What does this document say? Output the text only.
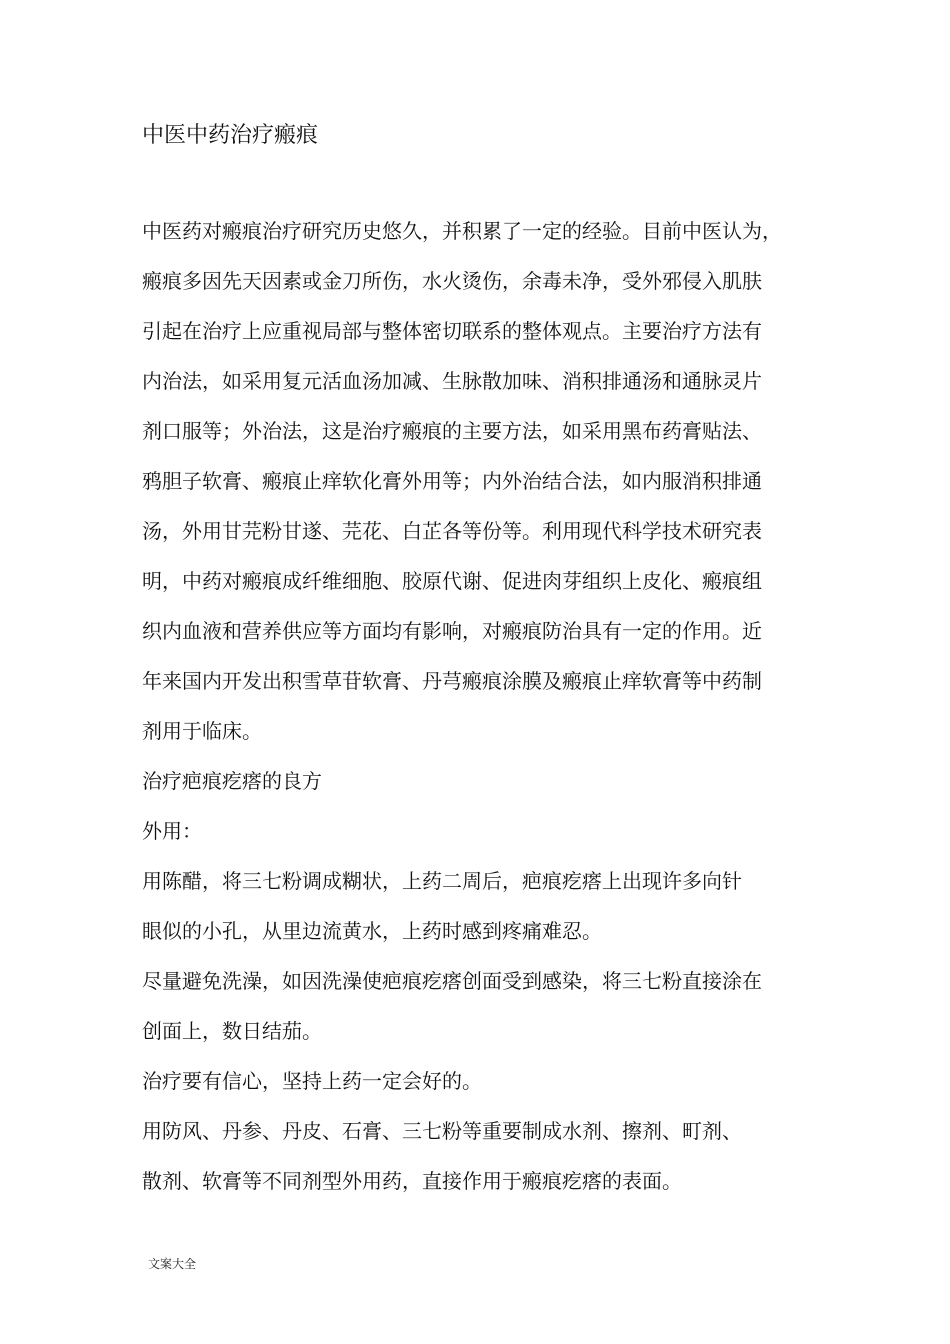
中医中药治疗瘢痕
中医药对瘢痕治疗研究历史悠久，并积累了一定的经验。目前中医认为，
瘢痕多因先天因素或金刀所伤，水火烫伤，余毒未净，受外邪侵入肌肤
引起在治疗上应重视局部与整体密切联系的整体观点。主要治疗方法有
内治法，如采用复元活血汤加减、生脉散加味、消积排通汤和通脉灵片
剂口服等；外治法，这是治疗瘢痕的主要方法，如采用黑布药膏贴法、
鸦胆子软膏、瘢痕止痒软化膏外用等；内外治结合法，如内服消积排通
汤，外用甘芫粉甘遂、芫花、白芷各等份等。利用现代科学技术研究表
明，中药对瘢痕成纤维细胞、胶原代谢、促进肉芽组织上皮化、瘢痕组
织内血液和营养供应等方面均有影响，对瘢痕防治具有一定的作用。近
年来国内开发出积雪草苷软膏、丹芎瘢痕涂膜及瘢痕止痒软膏等中药制
剂用于临床。
治疗疤痕疙瘩的良方
外用：
用陈醋，将三七粉调成糊状，上药二周后，疤痕疙瘩上出现许多向针
眼似的小孔，从里边流黄水，上药时感到疼痛难忍。
尽量避免洗澡，如因洗澡使疤痕疙瘩创面受到感染，将三七粉直接涂在
创面上，数日结茄。
治疗要有信心，坚持上药一定会好的。
用防风、丹参、丹皮、石膏、三七粉等重要制成水剂、擦剂、町剂、
散剂、软膏等不同剂型外用药，直接作用于瘢痕疙瘩的表面。
文案大全
